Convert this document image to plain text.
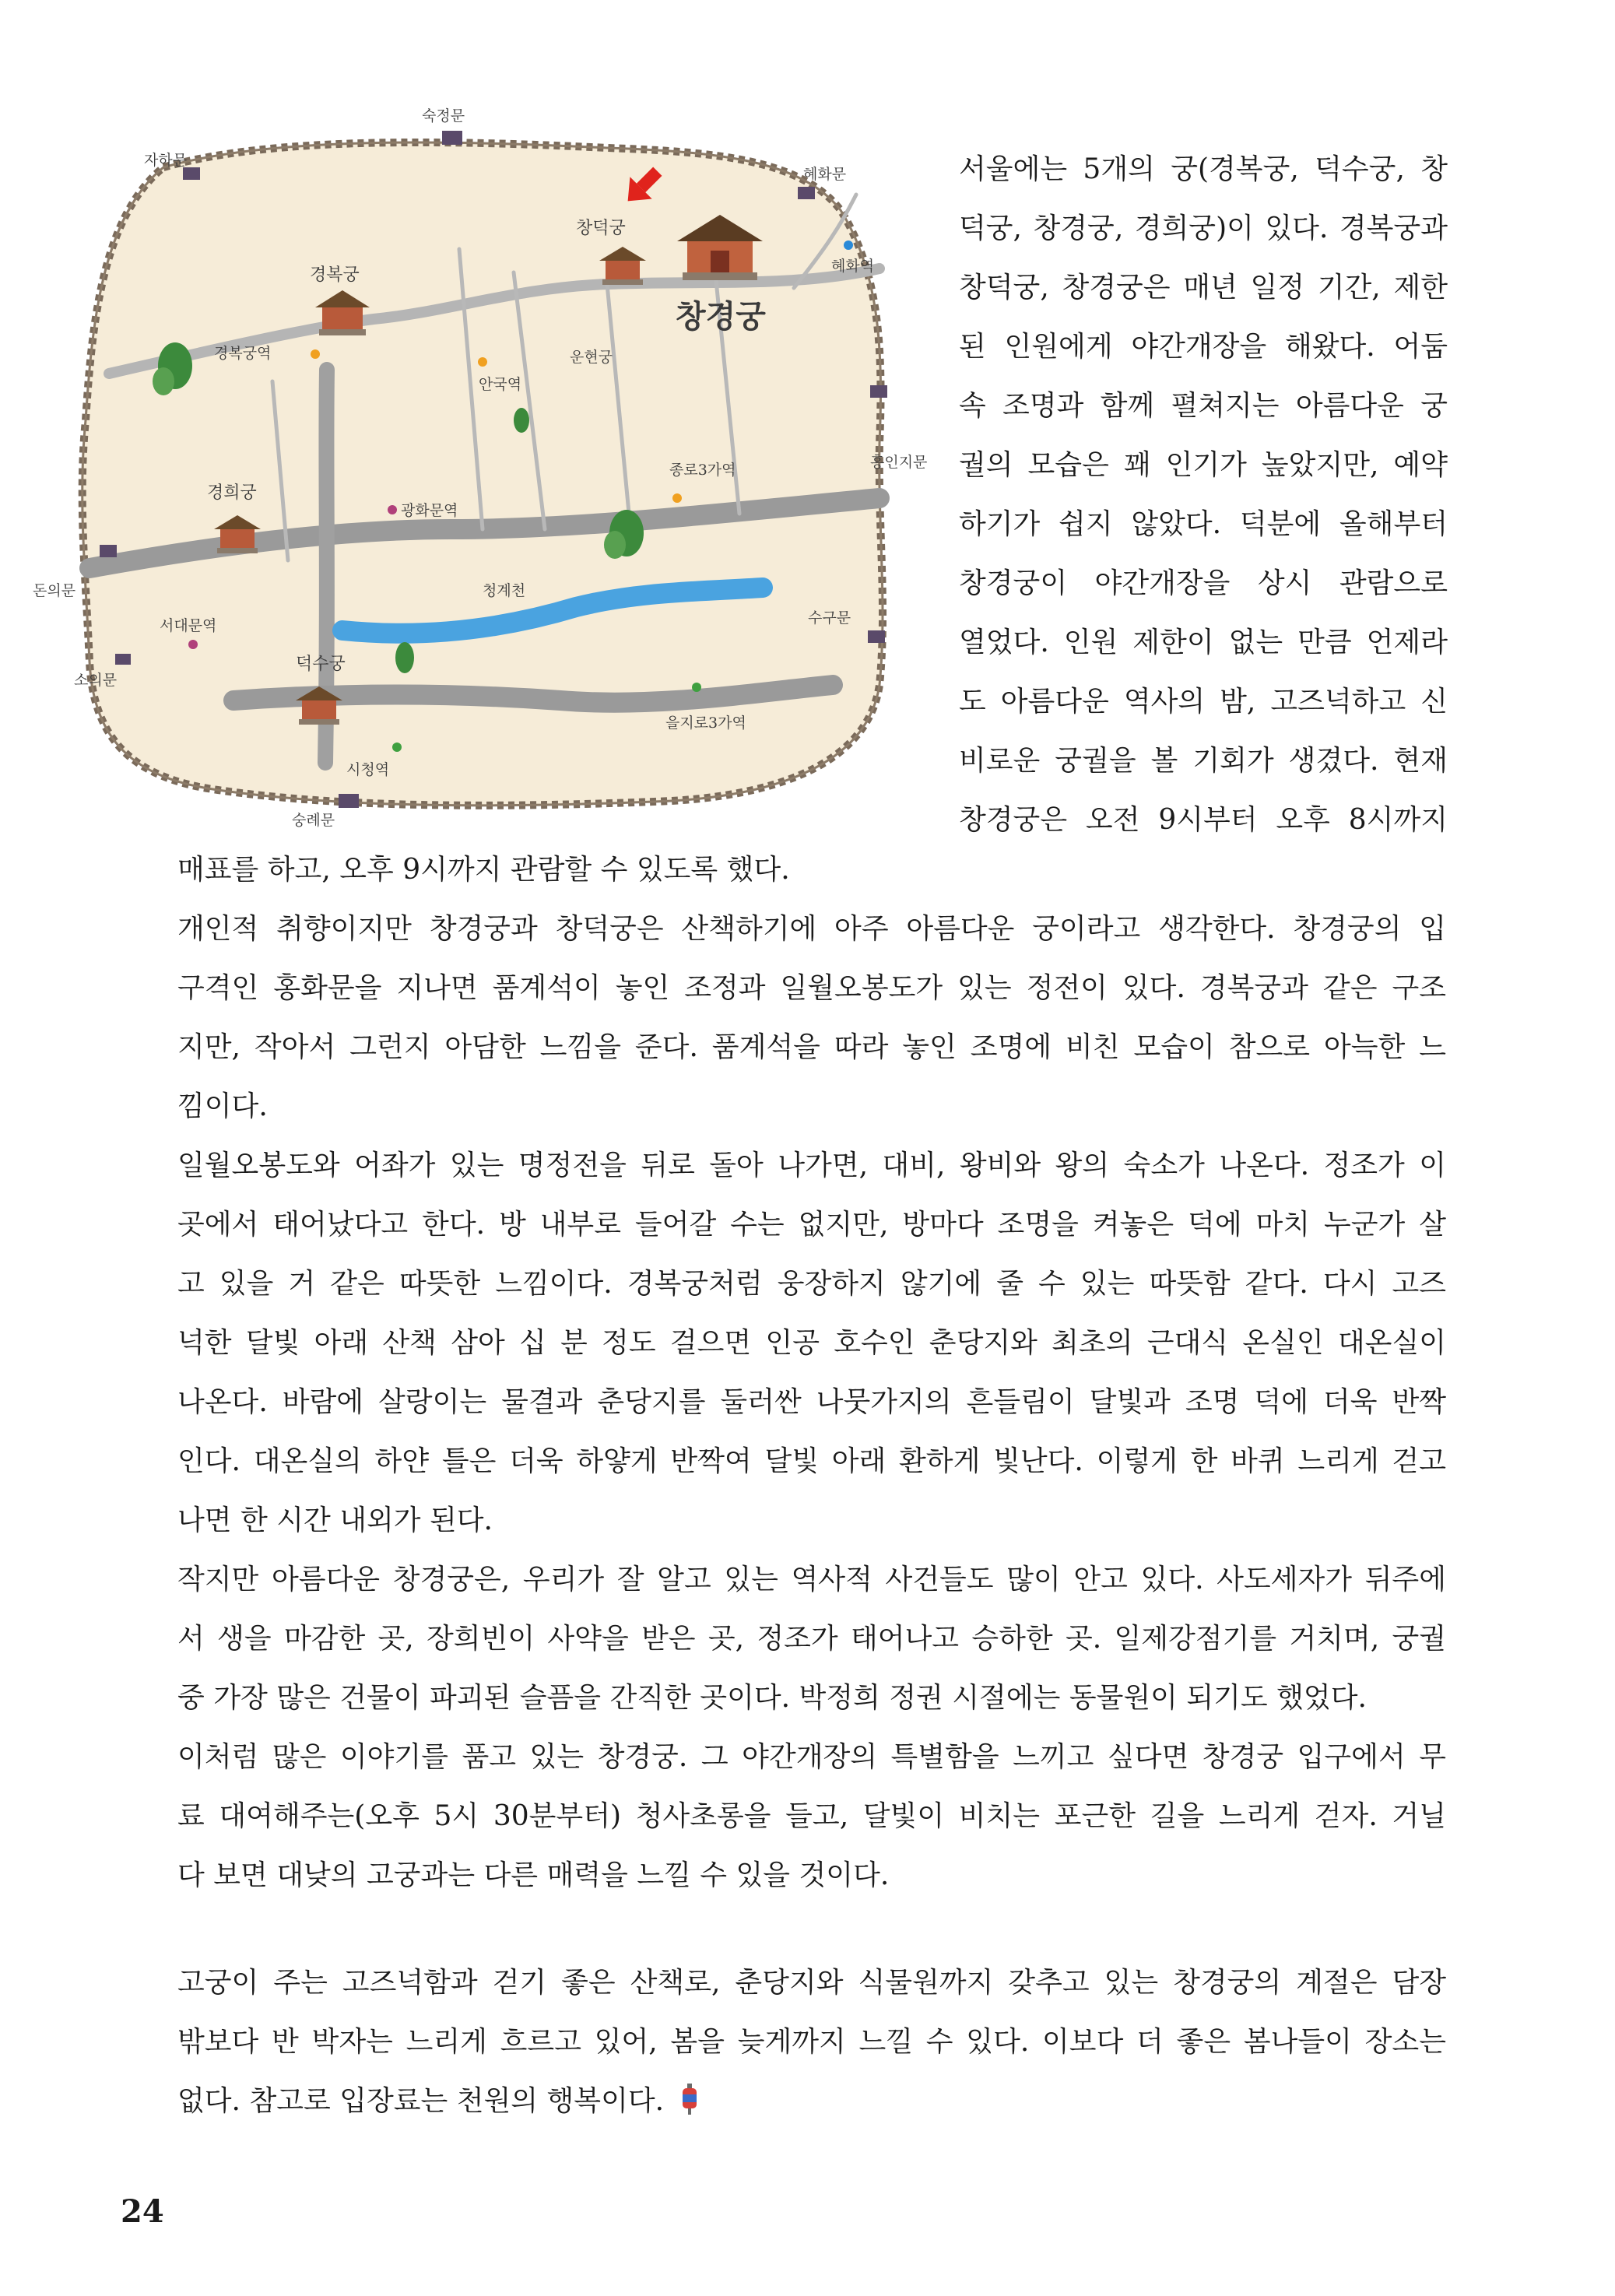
숙정문
자하문
혜화문
혜화역
창덕궁
창경궁
경복궁
경복궁역	운현궁
안국역
종로3가역	흥인지문
경희궁
광화문역
청계천
돈의문
서대문역
소의문
수구문
덕수궁
시청역
을지로3가역
숭례문
서울에는 5개의 궁(경복궁, 덕수궁, 창
덕궁, 창경궁, 경희궁)이 있다. 경복궁과
창덕궁, 창경궁은 매년 일정 기간, 제한
된 인원에게 야간개장을 해왔다. 어둠
속 조명과 함께 펼쳐지는 아름다운 궁
궐의 모습은 꽤 인기가 높았지만, 예약
하기가 쉽지 않았다. 덕분에 올해부터
창경궁이 야간개장을 상시 관람으로
열었다. 인원 제한이 없는 만큼 언제라
도 아름다운 역사의 밤, 고즈넉하고 신
비로운 궁궐을 볼 기회가 생겼다. 현재
창경궁은 오전 9시부터 오후 8시까지
매표를 하고, 오후 9시까지 관람할 수 있도록 했다.
개인적 취향이지만 창경궁과 창덕궁은 산책하기에 아주 아름다운 궁이라고 생각한다. 창경궁의 입
구격인 홍화문을 지나면 품계석이 놓인 조정과 일월오봉도가 있는 정전이 있다. 경복궁과 같은 구조
지만, 작아서 그런지 아담한 느낌을 준다. 품계석을 따라 놓인 조명에 비친 모습이 참으로 아늑한 느
낌이다.
일월오봉도와 어좌가 있는 명정전을 뒤로 돌아 나가면, 대비, 왕비와 왕의 숙소가 나온다. 정조가 이
곳에서 태어났다고 한다. 방 내부로 들어갈 수는 없지만, 방마다 조명을 켜놓은 덕에 마치 누군가 살
고 있을 거 같은 따뜻한 느낌이다. 경복궁처럼 웅장하지 않기에 줄 수 있는 따뜻함 같다. 다시 고즈
넉한 달빛 아래 산책 삼아 십 분 정도 걸으면 인공 호수인 춘당지와 최초의 근대식 온실인 대온실이
나온다. 바람에 살랑이는 물결과 춘당지를 둘러싼 나뭇가지의 흔들림이 달빛과 조명 덕에 더욱 반짝
인다. 대온실의 하얀 틀은 더욱 하얗게 반짝여 달빛 아래 환하게 빛난다. 이렇게 한 바퀴 느리게 걷고
나면 한 시간 내외가 된다.
작지만 아름다운 창경궁은, 우리가 잘 알고 있는 역사적 사건들도 많이 안고 있다. 사도세자가 뒤주에
서 생을 마감한 곳, 장희빈이 사약을 받은 곳, 정조가 태어나고 승하한 곳. 일제강점기를 거치며, 궁궐
중 가장 많은 건물이 파괴된 슬픔을 간직한 곳이다. 박정희 정권 시절에는 동물원이 되기도 했었다.
이처럼 많은 이야기를 품고 있는 창경궁. 그 야간개장의 특별함을 느끼고 싶다면 창경궁 입구에서 무
료 대여해주는(오후 5시 30분부터) 청사초롱을 들고, 달빛이 비치는 포근한 길을 느리게 걷자. 거닐
다 보면 대낮의 고궁과는 다른 매력을 느낄 수 있을 것이다.
고궁이 주는 고즈넉함과 걷기 좋은 산책로, 춘당지와 식물원까지 갖추고 있는 창경궁의 계절은 담장
밖보다 반 박자는 느리게 흐르고 있어, 봄을 늦게까지 느낄 수 있다. 이보다 더 좋은 봄나들이 장소는
없다. 참고로 입장료는 천원의 행복이다.
24
